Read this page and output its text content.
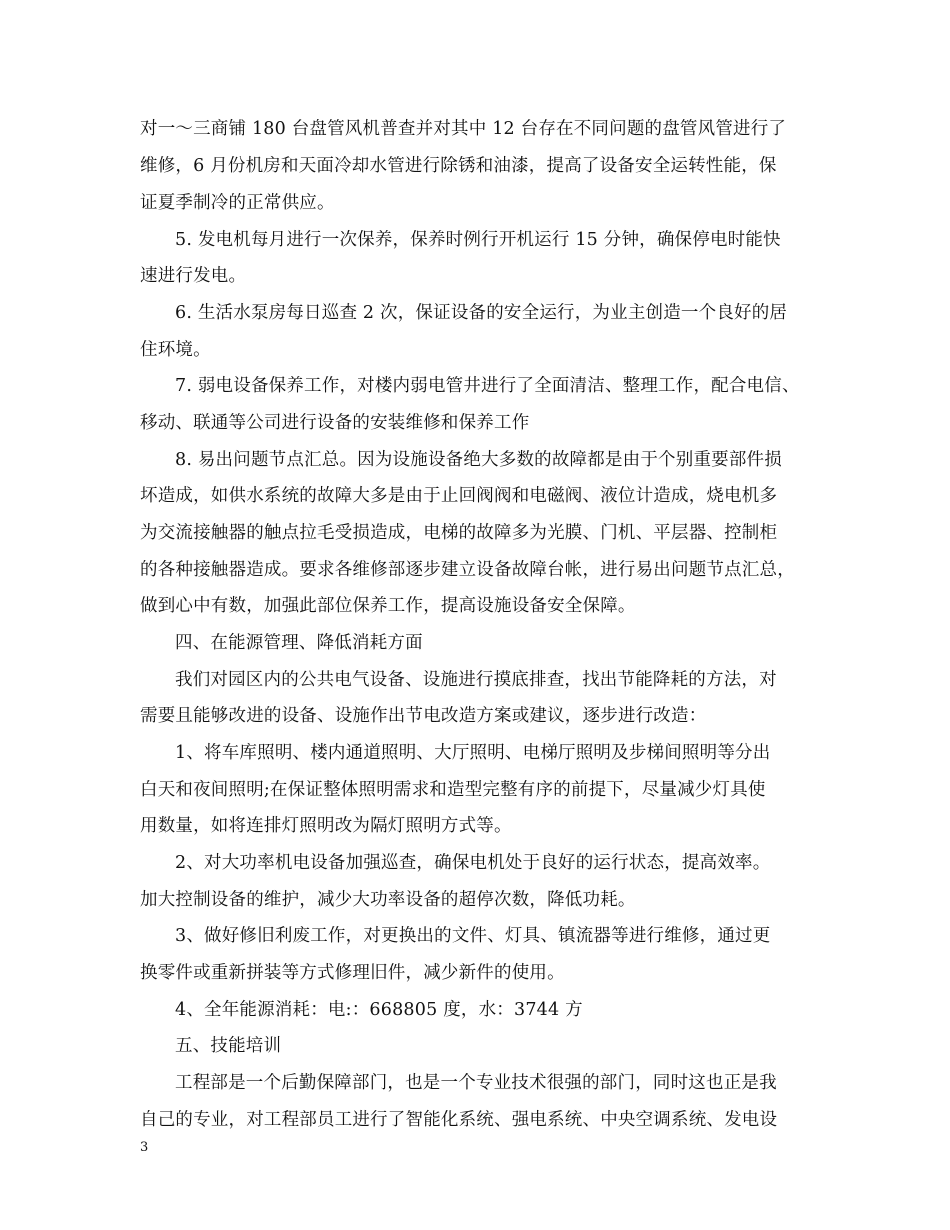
对一～三商铺 180 台盘管风机普查并对其中 12 台存在不同问题的盘管风管进行了
维修，6 月份机房和天面冷却水管进行除锈和油漆，提高了设备安全运转性能，保
证夏季制冷的正常供应。
5. 发电机每月进行一次保养，保养时例行开机运行 15 分钟，确保停电时能快
速进行发电。
6. 生活水泵房每日巡查 2 次，保证设备的安全运行，为业主创造一个良好的居
住环境。
7. 弱电设备保养工作，对楼内弱电管井进行了全面清洁、整理工作，配合电信、
移动、联通等公司进行设备的安装维修和保养工作
8. 易出问题节点汇总。因为设施设备绝大多数的故障都是由于个别重要部件损
坏造成，如供水系统的故障大多是由于止回阀阀和电磁阀、液位计造成，烧电机多
为交流接触器的触点拉毛受损造成，电梯的故障多为光膜、门机、平层器、控制柜
的各种接触器造成。要求各维修部逐步建立设备故障台帐，进行易出问题节点汇总，
做到心中有数，加强此部位保养工作，提高设施设备安全保障。
四、在能源管理、降低消耗方面
我们对园区内的公共电气设备、设施进行摸底排查，找出节能降耗的方法，对
需要且能够改进的设备、设施作出节电改造方案或建议，逐步进行改造：
1、将车库照明、楼内通道照明、大厅照明、电梯厅照明及步梯间照明等分出
白天和夜间照明;在保证整体照明需求和造型完整有序的前提下，尽量减少灯具使
用数量，如将连排灯照明改为隔灯照明方式等。
2、对大功率机电设备加强巡查，确保电机处于良好的运行状态，提高效率。
加大控制设备的维护，减少大功率设备的超停次数，降低功耗。
3、做好修旧利废工作，对更换出的文件、灯具、镇流器等进行维修，通过更
换零件或重新拼装等方式修理旧件，减少新件的使用。
4、全年能源消耗：电:：668805 度，水：3744 方
五、技能培训
工程部是一个后勤保障部门，也是一个专业技术很强的部门，同时这也正是我
自己的专业，对工程部员工进行了智能化系统、强电系统、中央空调系统、发电设
3
